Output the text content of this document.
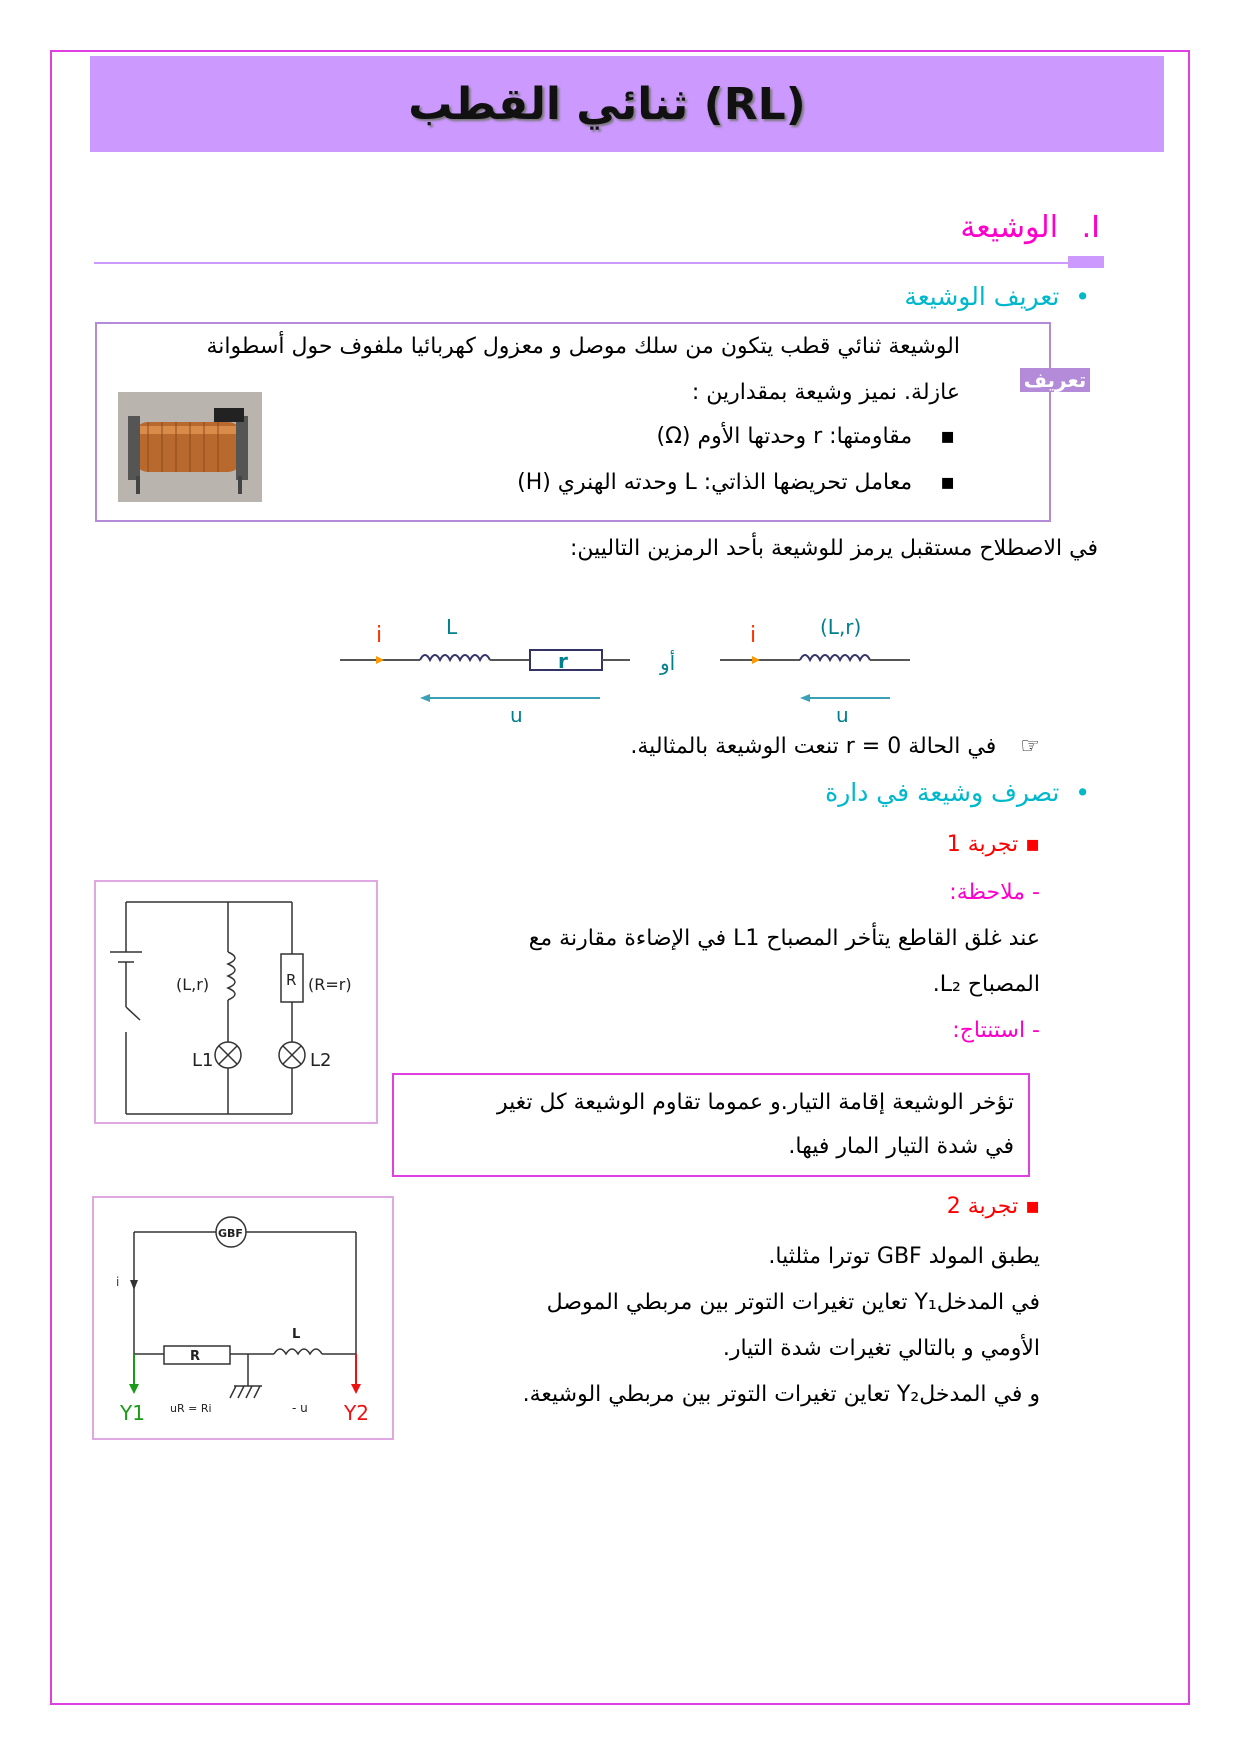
ثنائي القطب (RL)
I. الوشيعة
•  تعريف الوشيعة
تعريف
الوشيعة ثنائي قطب يتكون من سلك موصل و معزول كهربائيا ملفوف حول أسطوانة
عازلة. نميز وشيعة بمقدارين :
▪    مقاومتها: r وحدتها الأوم (Ω)
▪    معامل تحريضها الذاتي: L وحدته الهنري (H)
في الاصطلاح مستقبل يرمز للوشيعة بأحد الرمزين التاليين:
i	L
r
u
أو
i	(L,r)
u
☞في الحالة r = 0 تنعت الوشيعة بالمثالية.
•  تصرف وشيعة في دارة
▪ تجربة 1
- ملاحظة:
عند غلق القاطع يتأخر المصباح L1 في الإضاءة مقارنة مع
المصباح L₂.
- استنتاج:
تؤخر الوشيعة إقامة التيار.و عموما تقاوم الوشيعة كل تغير
في شدة التيار المار فيها.
(L,r)	R (R=r)
L1	L2
▪ تجربة 2
يطبق المولد GBF توترا مثلثيا.
في المدخلY₁ تعاين تغيرات التوتر بين مربطي الموصل
الأومي و بالتالي تغيرات شدة التيار.
و في المدخلY₂ تعاين تغيرات التوتر بين مربطي الوشيعة.
GBF
i
R
L
Y1	Y2
uR = Ri	- u
